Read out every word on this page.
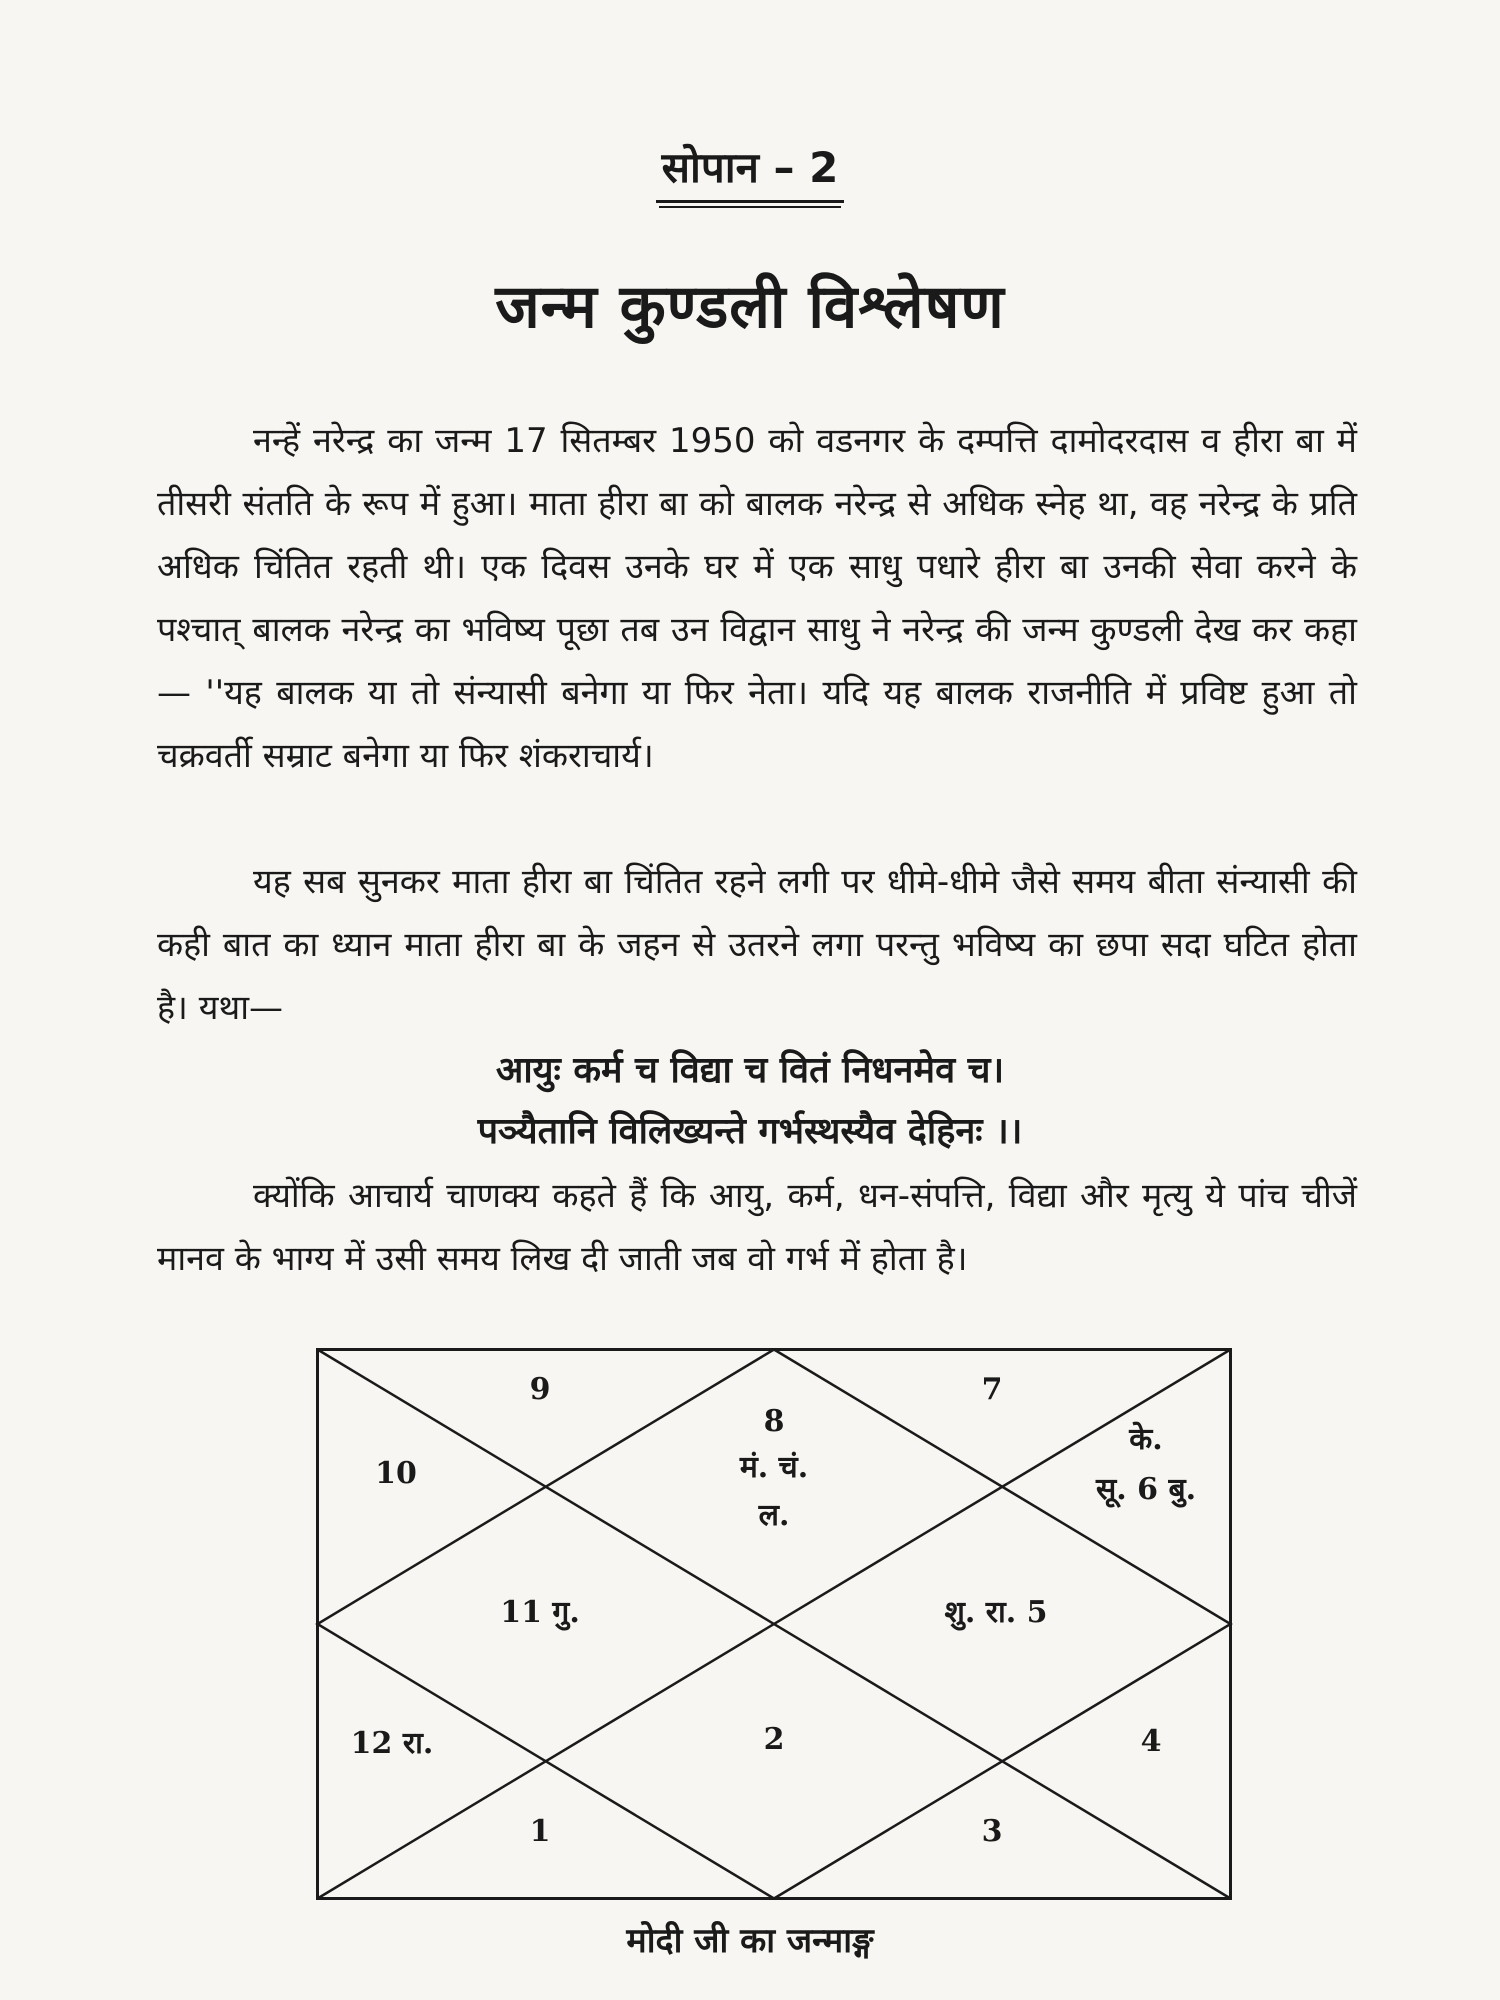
सोपान – 2
जन्म कुण्डली विश्लेषण

नन्हें नरेन्द्र का जन्म 17 सितम्बर 1950 को वडनगर के दम्पत्ति दामोदरदास व हीरा बा में तीसरी संतति के रूप में हुआ। माता हीरा बा को बालक नरेन्द्र से अधिक स्नेह था, वह नरेन्द्र के प्रति अधिक चिंतित रहती थी। एक दिवस उनके घर में एक साधु पधारे हीरा बा उनकी सेवा करने के पश्चात् बालक नरेन्द्र का भविष्य पूछा तब उन विद्वान साधु ने नरेन्द्र की जन्म कुण्डली देख कर कहा— ''यह बालक या तो संन्यासी बनेगा या फिर नेता। यदि यह बालक राजनीति में प्रविष्ट हुआ तो चक्रवर्ती सम्राट बनेगा या फिर शंकराचार्य।

यह सब सुनकर माता हीरा बा चिंतित रहने लगी पर धीमे-धीमे जैसे समय बीता संन्यासी की कही बात का ध्यान माता हीरा बा के जहन से उतरने लगा परन्तु भविष्य का छपा सदा घटित होता है। यथा—

आयुः कर्म च विद्या च वितं निधनमेव च।
पञ्यैतानि विलिख्यन्ते गर्भस्थस्यैव देहिनः ।।

क्योंकि आचार्य चाणक्य कहते हैं कि आयु, कर्म, धन-संपत्ति, विद्या और मृत्यु ये पांच चीजें मानव के भाग्य में उसी समय लिख दी जाती जब वो गर्भ में होता है।

9
8
मं. चं.
ल.
7
के.
सू. 6 बु.
10
11 गु.	शु. रा. 5
12 रा.	2	4
1	3
मोदी जी का जन्माङ्ग
